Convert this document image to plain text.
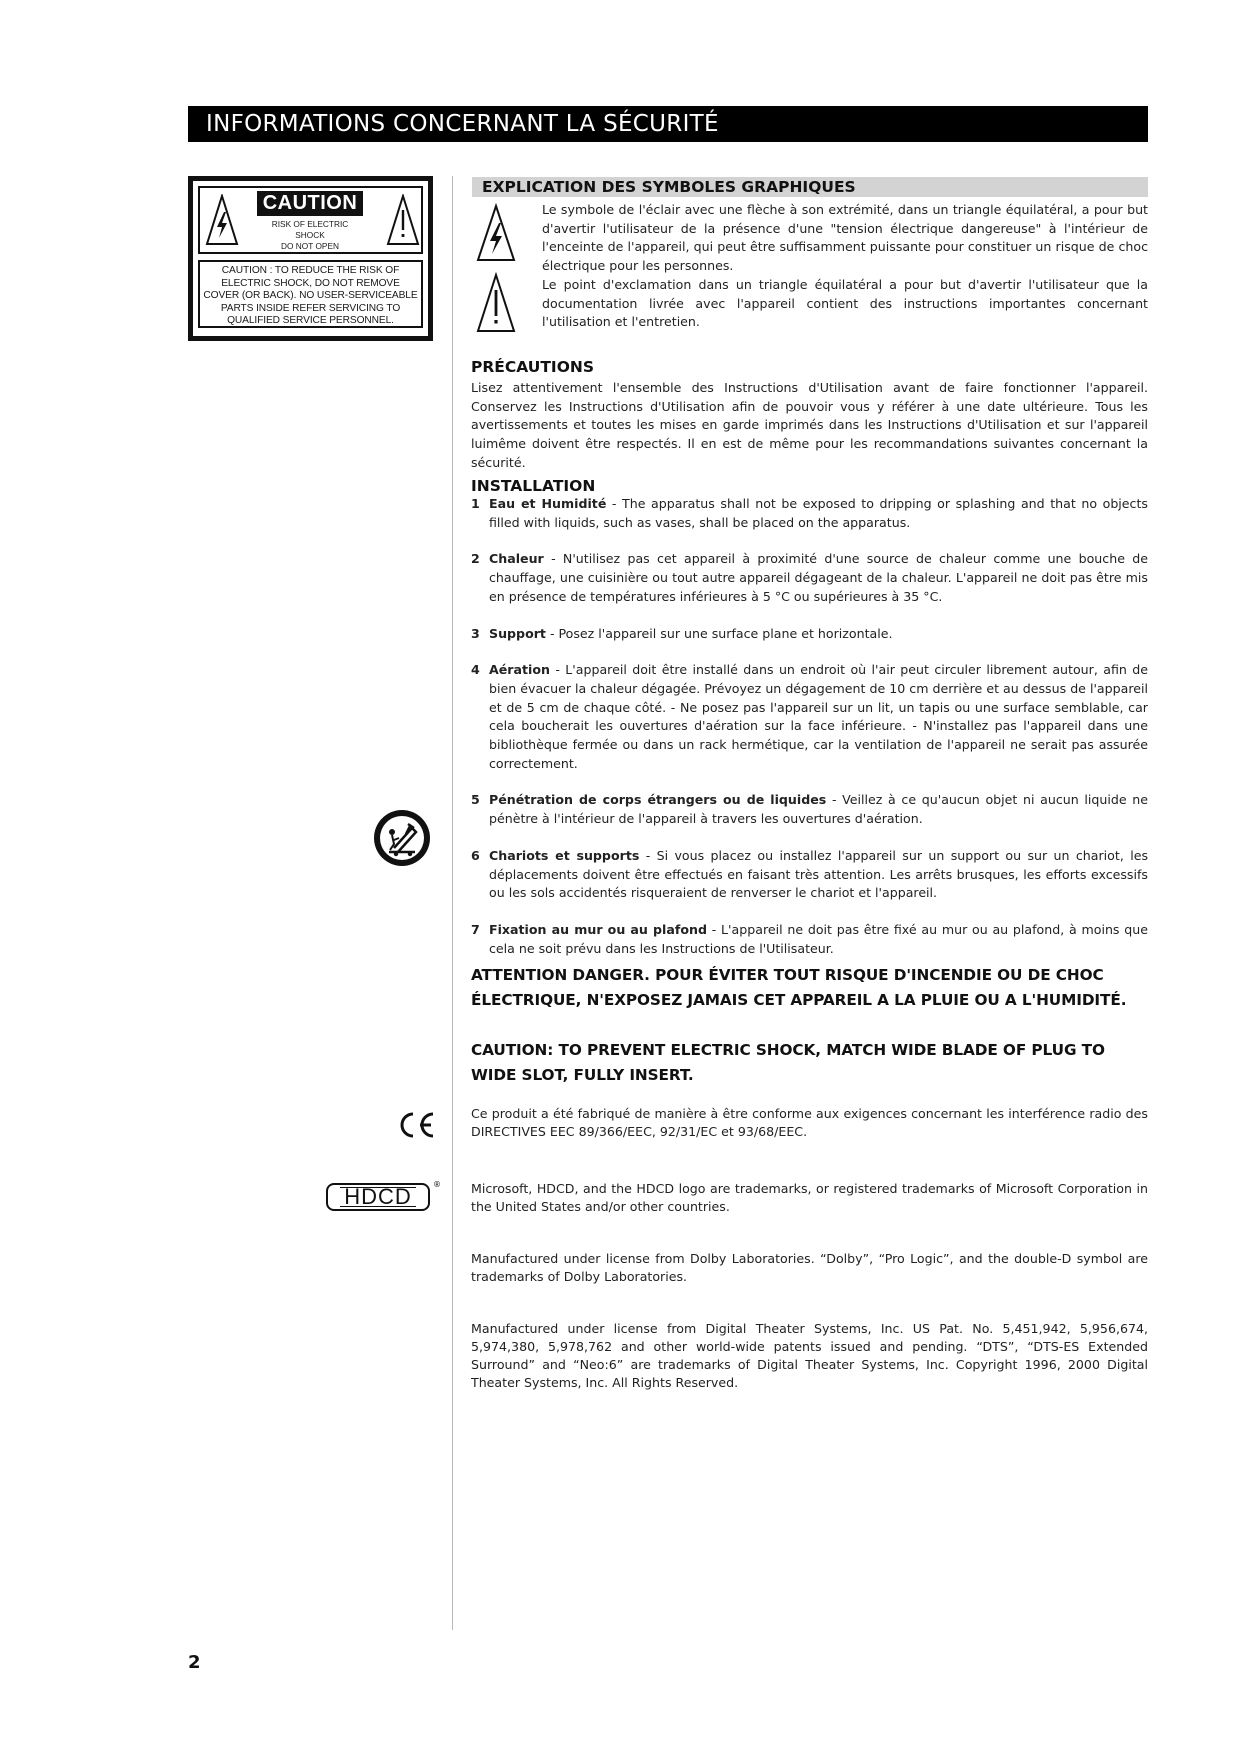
INFORMATIONS CONCERNANT LA SÉCURITÉ
CAUTION
RISK OF ELECTRIC SHOCK
DO NOT OPEN
CAUTION : TO REDUCE THE RISK OF
ELECTRIC SHOCK, DO NOT REMOVE
COVER (OR BACK). NO USER-SERVICEABLE
PARTS INSIDE REFER SERVICING TO
QUALIFIED SERVICE PERSONNEL.
HDCD	®
EXPLICATION DES SYMBOLES GRAPHIQUES
Le symbole de l'éclair avec une flèche à son extrémité, dans un triangle équilatéral, a pour but d'avertir l'utilisateur de la présence d'une "tension électrique dangereuse" à l'intérieur de l'enceinte de l'appareil, qui peut être suffisamment puissante pour constituer un risque de choc électrique pour les personnes.
Le point d'exclamation dans un triangle équilatéral a pour but d'avertir l'utilisateur que la documentation livrée avec l'appareil contient des instructions importantes concernant l'utilisation et l'entretien.
PRÉCAUTIONS
Lisez attentivement l'ensemble des Instructions d'Utilisation avant de faire fonctionner l'appareil. Conservez les Instructions d'Utilisation afin de pouvoir vous y référer à une date ultérieure. Tous les avertissements et toutes les mises en garde imprimés dans les Instructions d'Utilisation et sur l'appareil luimême doivent être respectés. Il en est de même pour les recommandations suivantes concernant la sécurité.
INSTALLATION
1 Eau et Humidité - The apparatus shall not be exposed to dripping or splashing and that no objects filled with liquids, such as vases, shall be placed on the apparatus.
2 Chaleur - N'utilisez pas cet appareil à proximité d'une source de chaleur comme une bouche de chauffage, une cuisinière ou tout autre appareil dégageant de la chaleur. L'appareil ne doit pas être mis en présence de températures inférieures à 5 °C ou supérieures à 35 °C.
3 Support - Posez l'appareil sur une surface plane et horizontale.
4 Aération - L'appareil doit être installé dans un endroit où l'air peut circuler librement autour, afin de bien évacuer la chaleur dégagée. Prévoyez un dégagement de 10 cm derrière et au dessus de l'appareil et de 5 cm de chaque côté. - Ne posez pas l'appareil sur un lit, un tapis ou une surface semblable, car cela boucherait les ouvertures d'aération sur la face inférieure. - N'installez pas l'appareil dans une bibliothèque fermée ou dans un rack hermétique, car la ventilation de l'appareil ne serait pas assurée correctement.
5 Pénétration de corps étrangers ou de liquides - Veillez à ce qu'aucun objet ni aucun liquide ne pénètre à l'intérieur de l'appareil à travers les ouvertures d'aération.
6 Chariots et supports - Si vous placez ou installez l'appareil sur un support ou sur un chariot, les déplacements doivent être effectués en faisant très attention. Les arrêts brusques, les efforts excessifs ou les sols accidentés risqueraient de renverser le chariot et l'appareil.
7 Fixation au mur ou au plafond - L'appareil ne doit pas être fixé au mur ou au plafond, à moins que cela ne soit prévu dans les Instructions de l'Utilisateur.
ATTENTION DANGER. POUR ÉVITER TOUT RISQUE D'INCENDIE OU DE CHOC ÉLECTRIQUE, N'EXPOSEZ JAMAIS CET APPAREIL A LA PLUIE OU A L'HUMIDITÉ.
CAUTION: TO PREVENT ELECTRIC SHOCK, MATCH WIDE BLADE OF PLUG TO WIDE SLOT, FULLY INSERT.
Ce produit a été fabriqué de manière à être conforme aux exigences concernant les interférence radio des DIRECTIVES EEC 89/366/EEC, 92/31/EC et 93/68/EEC.
Microsoft, HDCD, and the HDCD logo are trademarks, or registered trademarks of Microsoft Corporation in the United States and/or other countries.
Manufactured under license from Dolby Laboratories. “Dolby”, “Pro Logic”, and the double-D symbol are trademarks of Dolby Laboratories.
Manufactured under license from Digital Theater Systems, Inc. US Pat. No. 5,451,942, 5,956,674, 5,974,380, 5,978,762 and other world-wide patents issued and pending. “DTS”, “DTS-ES Extended Surround” and “Neo:6” are trademarks of Digital Theater Systems, Inc. Copyright 1996, 2000 Digital Theater Systems, Inc. All Rights Reserved.
2
